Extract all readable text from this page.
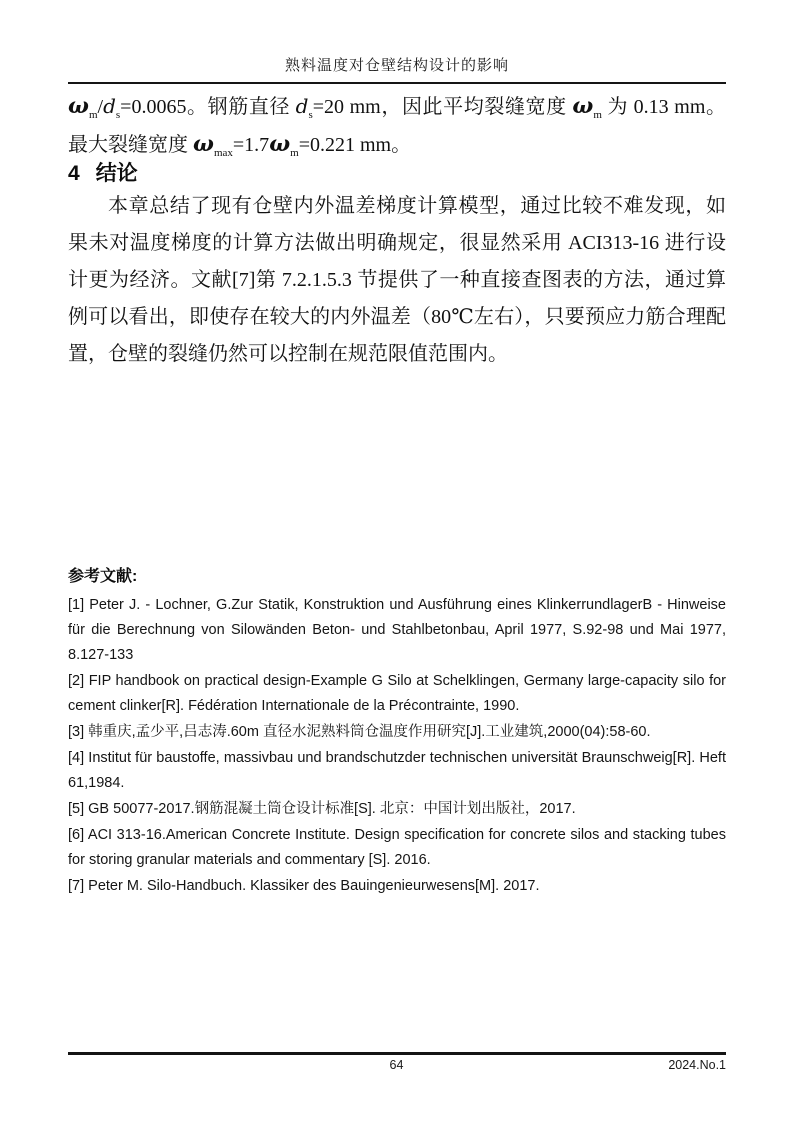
熟料温度对仓壁结构设计的影响

$\omega_m/d_s=0.0065$。钢筋直径 $d_s=20$ mm，因此平均裂缝宽度 $\omega_m$ 为 0.13 mm。最大裂缝宽度 $\omega_{max}=1.7\omega_m=0.221$ mm。

4 结论

本章总结了现有仓壁内外温差梯度计算模型，通过比较不难发现，如果未对温度梯度的计算方法做出明确规定，很显然采用 ACI313-16 进行设计更为经济。文献[7]第 7.2.1.5.3 节提供了一种直接查图表的方法，通过算例可以看出，即使存在较大的内外温差（80℃左右），只要预应力筋合理配置，仓壁的裂缝仍然可以控制在规范限值范围内。

参考文献:

[1] Peter J. - Lochner, G.Zur Statik, Konstruktion und Ausführung eines KlinkerrundlagerB - Hinweise für die Berechnung von Silowänden Beton- und Stahlbetonbau, April 1977, S.92-98 und Mai 1977, 8.127-133

[2] FIP handbook on practical design-Example G Silo at Schelklingen, Germany large-capacity silo for cement clinker[R]. Fédération Internationale de la Précontrainte, 1990.

[3] 韩重庆,孟少平,吕志涛.60m 直径水泥熟料筒仓温度作用研究[J].工业建筑,2000(04):58-60.

[4] Institut für baustoffe, massivbau und brandschutzder technischen universität Braunschweig[R]. Heft 61,1984.

[5] GB 50077-2017.钢筋混凝土筒仓设计标准[S]. 北京：中国计划出版社，2017.

[6] ACI 313-16.American Concrete Institute. Design specification for concrete silos and stacking tubes for storing granular materials and commentary [S]. 2016.

[7] Peter M. Silo-Handbuch. Klassiker des Bauingenieurwesens[M]. 2017.

64	2024.No.1
